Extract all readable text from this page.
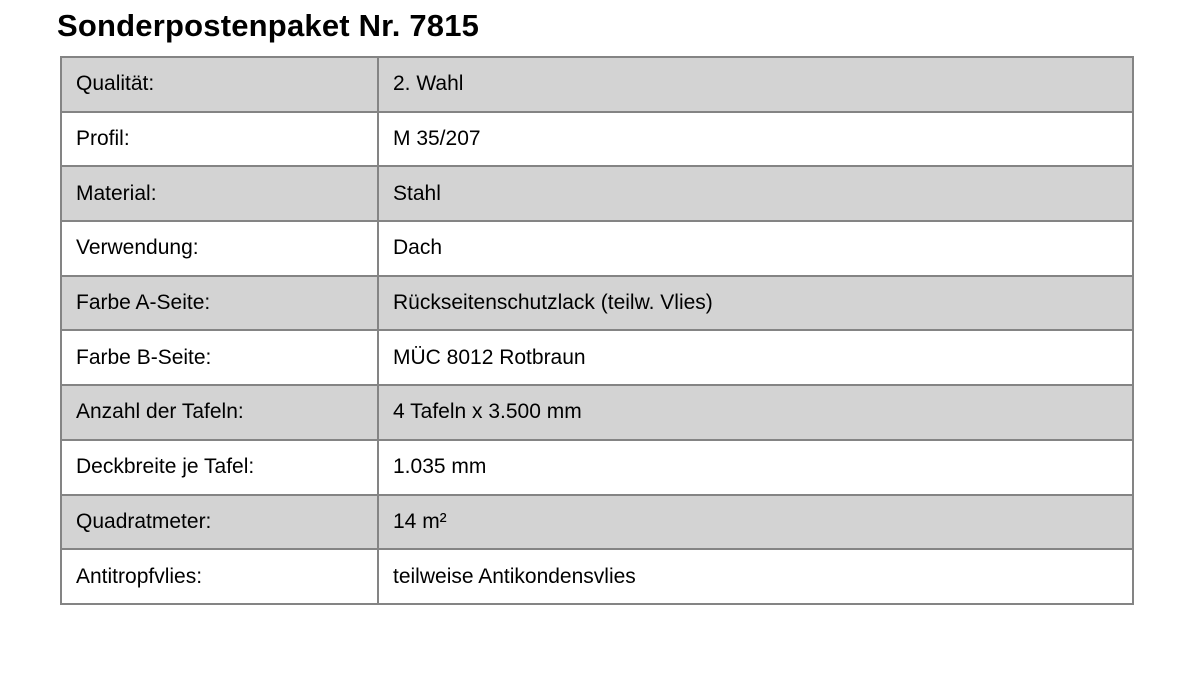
Sonderpostenpaket Nr. 7815
Qualität:	2. Wahl
Profil:	M 35/207
Material:	Stahl
Verwendung:	Dach
Farbe A-Seite:	Rückseitenschutzlack (teilw. Vlies)
Farbe B-Seite:	MÜC 8012 Rotbraun
Anzahl der Tafeln:	4 Tafeln x 3.500 mm
Deckbreite je Tafel:	1.035 mm
Quadratmeter:	14 m²
Antitropfvlies:	teilweise Antikondensvlies
